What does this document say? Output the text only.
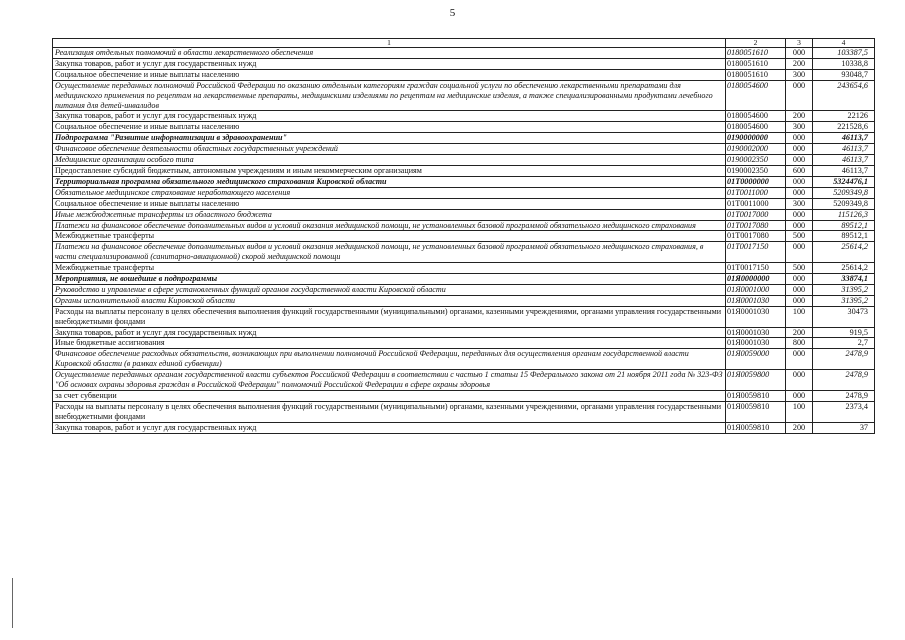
5
1	2	3	4
Реализация отдельных полномочий в области лекарственного обеспечения	0180051610	000	103387,5
Закупка товаров, работ и услуг для государственных нужд	0180051610	200	10338,8
Социальное обеспечение и иные выплаты населению	0180051610	300	93048,7
Осуществление переданных полномочий Российской Федерации по оказанию отдельным категориям граждан социальной услуги по обеспечению лекарственными препаратами для медицинского применения по рецептам на лекарственные препараты, медицинскими изделиями по рецептам на медицинские изделия, а также специализированными продуктами лечебного питания для детей-инвалидов	0180054600	000	243654,6
Закупка товаров, работ и услуг для государственных нужд	0180054600	200	22126
Социальное обеспечение и иные выплаты населению	0180054600	300	221528,6
Подпрограмма "Развитие информатизации в здравоохранении"	0190000000	000	46113,7
Финансовое обеспечение деятельности областных государственных учреждений	0190002000	000	46113,7
Медицинские организации особого типа	0190002350	000	46113,7
Предоставление субсидий бюджетным, автономным учреждениям и иным некоммерческим организациям	0190002350	600	46113,7
Территориальная программа обязательного медицинского страхования Кировской области	01Т0000000	000	5324476,1
Обязательное медицинское страхование неработающего населения	01Т0011000	000	5209349,8
Социальное обеспечение и иные выплаты населению	01Т0011000	300	5209349,8
Иные межбюджетные трансферты из областного бюджета	01Т0017000	000	115126,3
Платежи на финансовое обеспечение дополнительных видов и условий оказания медицинской помощи, не установленных базовой программой обязательного медицинского страхования	01Т0017080	000	89512,1
Межбюджетные трансферты	01Т0017080	500	89512,1
Платежи на финансовое обеспечение дополнительных видов и условий оказания медицинской помощи, не установленных базовой программой обязательного медицинского страхования, в части специализированной (санитарно-авиационной) скорой медицинской помощи	01Т0017150	000	25614,2
Межбюджетные трансферты	01Т0017150	500	25614,2
Мероприятия, не вошедшие в подпрограммы	01Я0000000	000	33874,1
Руководство и управление в сфере установленных функций органов государственной власти Кировской области	01Я0001000	000	31395,2
Органы исполнительной власти Кировской области	01Я0001030	000	31395,2
Расходы на выплаты персоналу в целях обеспечения выполнения функций государственными (муниципальными) органами, казенными учреждениями, органами управления государственными внебюджетными фондами	01Я0001030	100	30473
Закупка товаров, работ и услуг для государственных нужд	01Я0001030	200	919,5
Иные бюджетные ассигнования	01Я0001030	800	2,7
Финансовое обеспечение расходных обязательств, возникающих при выполнении полномочий Российской Федерации, переданных для осуществления органам государственной власти Кировской области (в рамках единой субвенции)	01Я0059000	000	2478,9
Осуществление переданных органам государственной власти субъектов Российской Федерации в соответствии с частью 1 статьи 15 Федерального закона от 21 ноября 2011 года № 323-ФЗ "Об основах охраны здоровья граждан в Российской Федерации" полномочий Российской Федерации в сфере охраны здоровья	01Я0059800	000	2478,9
за счет субвенции	01Я0059810	000	2478,9
Расходы на выплаты персоналу в целях обеспечения выполнения функций государственными (муниципальными) органами, казенными учреждениями, органами управления государственными внебюджетными фондами	01Я0059810	100	2373,4
Закупка товаров, работ и услуг для государственных нужд	01Я0059810	200	37
